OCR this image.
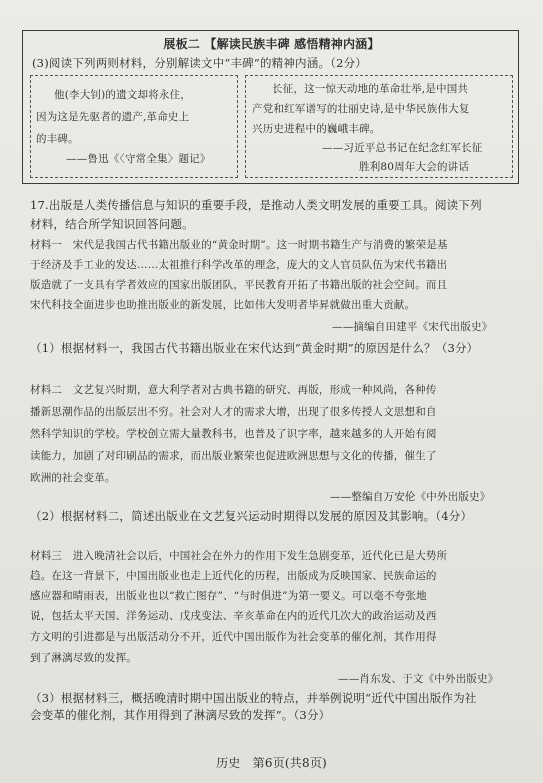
展板二 【解读民族丰碑 感悟精神内涵】
(3)阅读下列两则材料，分别解读文中“丰碑”的精神内涵。（2分）
他(李大钊)的遗文却将永住，
因为这是先驱者的遗产,革命史上
的丰碑。
——鲁迅《〈守常全集〉题记》
长征，这一惊天动地的革命壮举,是中国共
产党和红军谱写的壮丽史诗,是中华民族伟大复
兴历史进程中的巍峨丰碑。
——习近平总书记在纪念红军长征
胜利80周年大会的讲话
17.出版是人类传播信息与知识的重要手段，是推动人类文明发展的重要工具。阅读下列
材料，结合所学知识回答问题。
材料一　宋代是我国古代书籍出版业的“黄金时期”。这一时期书籍生产与消费的繁荣是基
于经济及手工业的发达……太祖推行科学改革的理念，庞大的文人官员队伍为宋代书籍出
版造就了一支具有学者效应的国家出版团队，平民教育开拓了书籍出版的社会空间。而且
宋代科技全面进步也助推出版业的新发展，比如伟大发明者毕昇就做出重大贡献。
——摘编自田建平《宋代出版史》
（1）根据材料一，我国古代书籍出版业在宋代达到“黄金时期”的原因是什么？（3分）
材料二　文艺复兴时期，意大利学者对古典书籍的研究、再版，形成一种风尚，各种传
播新思潮作品的出版层出不穷。社会对人才的需求大增，出现了很多传授人文思想和自
然科学知识的学校。学校创立需大量教科书，也普及了识字率，越来越多的人开始有阅
读能力，加剧了对印刷品的需求，而出版业繁荣也促进欧洲思想与文化的传播，催生了
欧洲的社会变革。
——整编自万安伦《中外出版史》
（2）根据材料二，简述出版业在文艺复兴运动时期得以发展的原因及其影响。（4分）
材料三　进入晚清社会以后，中国社会在外力的作用下发生急剧变革，近代化已是大势所
趋。在这一背景下，中国出版业也走上近代化的历程，出版成为反映国家、民族命运的
感应器和晴雨表，出版业也以“救亡图存”、“与时俱进”为第一要义。可以毫不夸张地
说，包括太平天国、洋务运动、戊戌变法、辛亥革命在内的近代几次大的政治运动及西
方文明的引进都是与出版活动分不开，近代中国出版作为社会变革的催化剂，其作用得
到了淋漓尽致的发挥。
——肖东发、于文《中外出版史》
（3）根据材料三，概括晚清时期中国出版业的特点，并举例说明“近代中国出版作为社
会变革的催化剂，其作用得到了淋漓尽致的发挥”。（3分）
历史　第6页(共8页)
